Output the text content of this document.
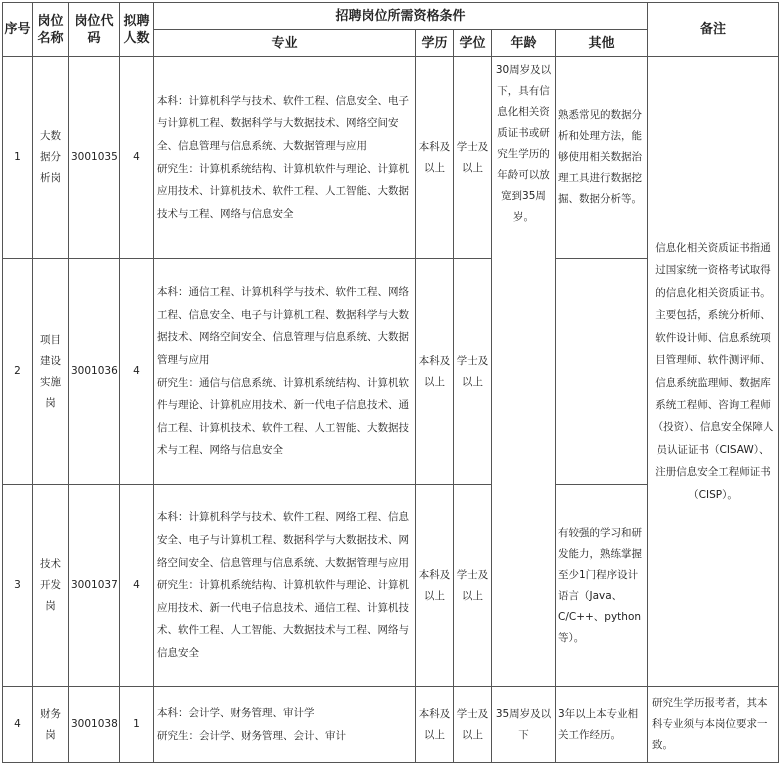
序号	岗位名称	岗位代码	拟聘人数	招聘岗位所需资格条件					备注
				专业	学历	学位	年龄	其他	
1	大数据分析岗	3001035	4	本科：计算机科学与技术、软件工程、信息安全、电子与计算机工程、数据科学与大数据技术、网络空间安全、信息管理与信息系统、大数据管理与应用
研究生：计算机系统结构、计算机软件与理论、计算机应用技术、计算机技术、软件工程、人工智能、大数据技术与工程、网络与信息安全	本科及以上	学士及以上	30周岁及以下，具有信息化相关资质证书或研究生学历的年龄可以放宽到35周岁。	熟悉常见的数据分析和处理方法，能够使用相关数据治理工具进行数据挖掘、数据分析等。	信息化相关资质证书指通过国家统一资格考试取得的信息化相关资质证书。主要包括，系统分析师、软件设计师、信息系统项目管理师、软件测评师、信息系统监理师、数据库系统工程师、咨询工程师（投资）、信息安全保障人员认证证书（CISAW）、注册信息安全工程师证书（CISP）。
2	项目建设实施岗	3001036	4	本科：通信工程、计算机科学与技术、软件工程、网络工程、信息安全、电子与计算机工程、数据科学与大数据技术、网络空间安全、信息管理与信息系统、大数据管理与应用
研究生：通信与信息系统、计算机系统结构、计算机软件与理论、计算机应用技术、新一代电子信息技术、通信工程、计算机技术、软件工程、人工智能、大数据技术与工程、网络与信息安全	本科及以上	学士及以上			
3	技术开发岗	3001037	4	本科：计算机科学与技术、软件工程、网络工程、信息安全、电子与计算机工程、数据科学与大数据技术、网络空间安全、信息管理与信息系统、大数据管理与应用
研究生：计算机系统结构、计算机软件与理论、计算机应用技术、新一代电子信息技术、通信工程、计算机技术、软件工程、人工智能、大数据技术与工程、网络与信息安全	本科及以上	学士及以上		有较强的学习和研发能力，熟练掌握至少1门程序设计语言（Java、C/C++、python等）。	
4	财务岗	3001038	1	本科：会计学、财务管理、审计学
研究生：会计学、财务管理、会计、审计	本科及以上	学士及以上	35周岁及以下	3年以上本专业相关工作经历。	研究生学历报考者，其本科专业须与本岗位要求一致。
